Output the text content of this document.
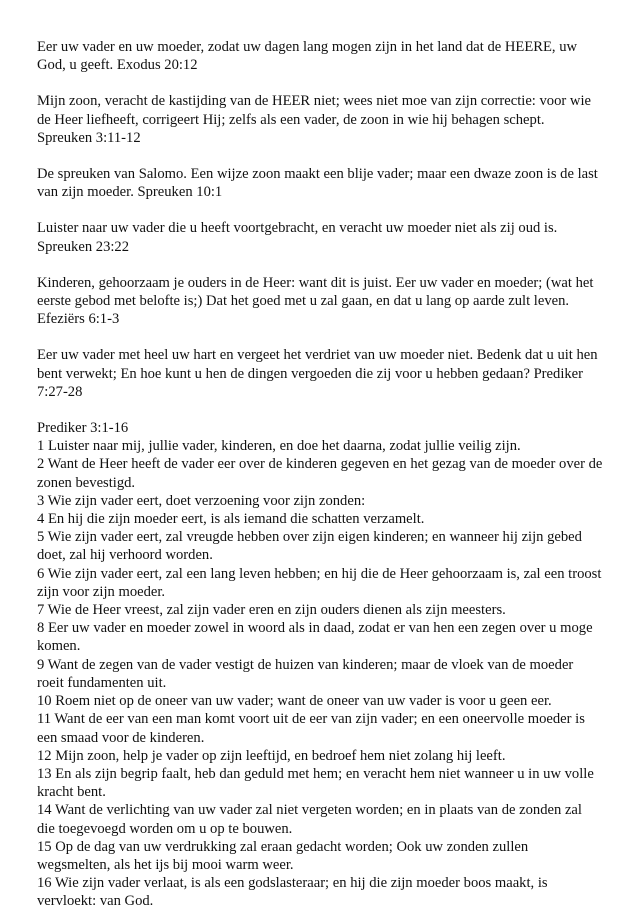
Eer uw vader en uw moeder, zodat uw dagen lang mogen zijn in het land dat de HEERE, uw God, u geeft. Exodus 20:12

Mijn zoon, veracht de kastijding van de HEER niet; wees niet moe van zijn correctie: voor wie de Heer liefheeft, corrigeert Hij; zelfs als een vader, de zoon in wie hij behagen schept. Spreuken 3:11-12

De spreuken van Salomo. Een wijze zoon maakt een blije vader; maar een dwaze zoon is de last van zijn moeder. Spreuken 10:1

Luister naar uw vader die u heeft voortgebracht, en veracht uw moeder niet als zij oud is. Spreuken 23:22

Kinderen, gehoorzaam je ouders in de Heer: want dit is juist. Eer uw vader en moeder; (wat het eerste gebod met belofte is;) Dat het goed met u zal gaan, en dat u lang op aarde zult leven. Efeziërs 6:1-3

Eer uw vader met heel uw hart en vergeet het verdriet van uw moeder niet. Bedenk dat u uit hen bent verwekt; En hoe kunt u hen de dingen vergoeden die zij voor u hebben gedaan? Prediker 7:27-28

Prediker 3:1-16
1 Luister naar mij, jullie vader, kinderen, en doe het daarna, zodat jullie veilig zijn.
2 Want de Heer heeft de vader eer over de kinderen gegeven en het gezag van de moeder over de zonen bevestigd.
3 Wie zijn vader eert, doet verzoening voor zijn zonden:
4 En hij die zijn moeder eert, is als iemand die schatten verzamelt.
5 Wie zijn vader eert, zal vreugde hebben over zijn eigen kinderen; en wanneer hij zijn gebed doet, zal hij verhoord worden.
6 Wie zijn vader eert, zal een lang leven hebben; en hij die de Heer gehoorzaam is, zal een troost zijn voor zijn moeder.
7 Wie de Heer vreest, zal zijn vader eren en zijn ouders dienen als zijn meesters.
8 Eer uw vader en moeder zowel in woord als in daad, zodat er van hen een zegen over u moge komen.
9 Want de zegen van de vader vestigt de huizen van kinderen; maar de vloek van de moeder roeit fundamenten uit.
10 Roem niet op de oneer van uw vader; want de oneer van uw vader is voor u geen eer.
11 Want de eer van een man komt voort uit de eer van zijn vader; en een oneervolle moeder is een smaad voor de kinderen.
12 Mijn zoon, help je vader op zijn leeftijd, en bedroef hem niet zolang hij leeft.
13 En als zijn begrip faalt, heb dan geduld met hem; en veracht hem niet wanneer u in uw volle kracht bent.
14 Want de verlichting van uw vader zal niet vergeten worden; en in plaats van de zonden zal die toegevoegd worden om u op te bouwen.
15 Op de dag van uw verdrukking zal eraan gedacht worden; Ook uw zonden zullen wegsmelten, als het ijs bij mooi warm weer.
16 Wie zijn vader verlaat, is als een godslasteraar; en hij die zijn moeder boos maakt, is vervloekt: van God.
